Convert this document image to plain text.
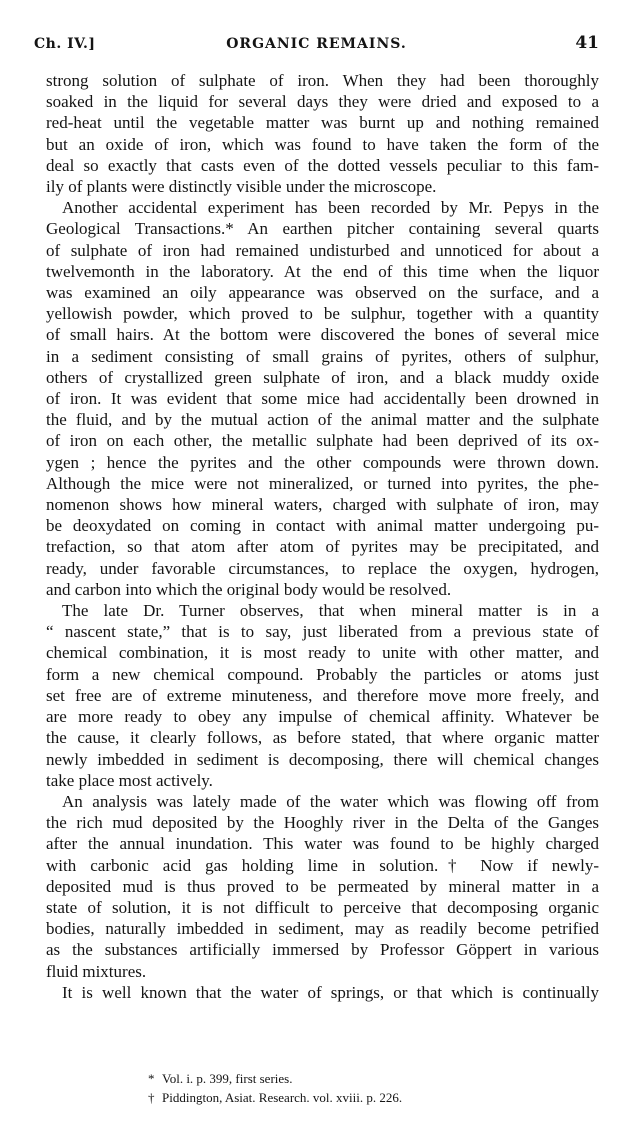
Ch. IV.]	ORGANIC REMAINS.	41

strong solution of sulphate of iron. When they had been thoroughly
soaked in the liquid for several days they were dried and exposed to a
red-heat until the vegetable matter was burnt up and nothing remained
but an oxide of iron, which was found to have taken the form of the
deal so exactly that casts even of the dotted vessels peculiar to this fam-
ily of plants were distinctly visible under the microscope.

Another accidental experiment has been recorded by Mr. Pepys in the
Geological Transactions.* An earthen pitcher containing several quarts
of sulphate of iron had remained undisturbed and unnoticed for about a
twelvemonth in the laboratory. At the end of this time when the liquor
was examined an oily appearance was observed on the surface, and a
yellowish powder, which proved to be sulphur, together with a quantity
of small hairs. At the bottom were discovered the bones of several mice
in a sediment consisting of small grains of pyrites, others of sulphur,
others of crystallized green sulphate of iron, and a black muddy oxide
of iron. It was evident that some mice had accidentally been drowned in
the fluid, and by the mutual action of the animal matter and the sulphate
of iron on each other, the metallic sulphate had been deprived of its ox-
ygen ; hence the pyrites and the other compounds were thrown down.
Although the mice were not mineralized, or turned into pyrites, the phe-
nomenon shows how mineral waters, charged with sulphate of iron, may
be deoxydated on coming in contact with animal matter undergoing pu-
trefaction, so that atom after atom of pyrites may be precipitated, and
ready, under favorable circumstances, to replace the oxygen, hydrogen,
and carbon into which the original body would be resolved.

The late Dr. Turner observes, that when mineral matter is in a
“ nascent state,” that is to say, just liberated from a previous state of
chemical combination, it is most ready to unite with other matter, and
form a new chemical compound. Probably the particles or atoms just
set free are of extreme minuteness, and therefore move more freely, and
are more ready to obey any impulse of chemical affinity. Whatever be
the cause, it clearly follows, as before stated, that where organic matter
newly imbedded in sediment is decomposing, there will chemical changes
take place most actively.

An analysis was lately made of the water which was flowing off from
the rich mud deposited by the Hooghly river in the Delta of the Ganges
after the annual inundation. This water was found to be highly charged
with carbonic acid gas holding lime in solution.† Now if newly-
deposited mud is thus proved to be permeated by mineral matter in a
state of solution, it is not difficult to perceive that decomposing organic
bodies, naturally imbedded in sediment, may as readily become petrified
as the substances artificially immersed by Professor Göppert in various
fluid mixtures.

It is well known that the water of springs, or that which is continually

* Vol. i. p. 399, first series.
† Piddington, Asiat. Research. vol. xviii. p. 226.
